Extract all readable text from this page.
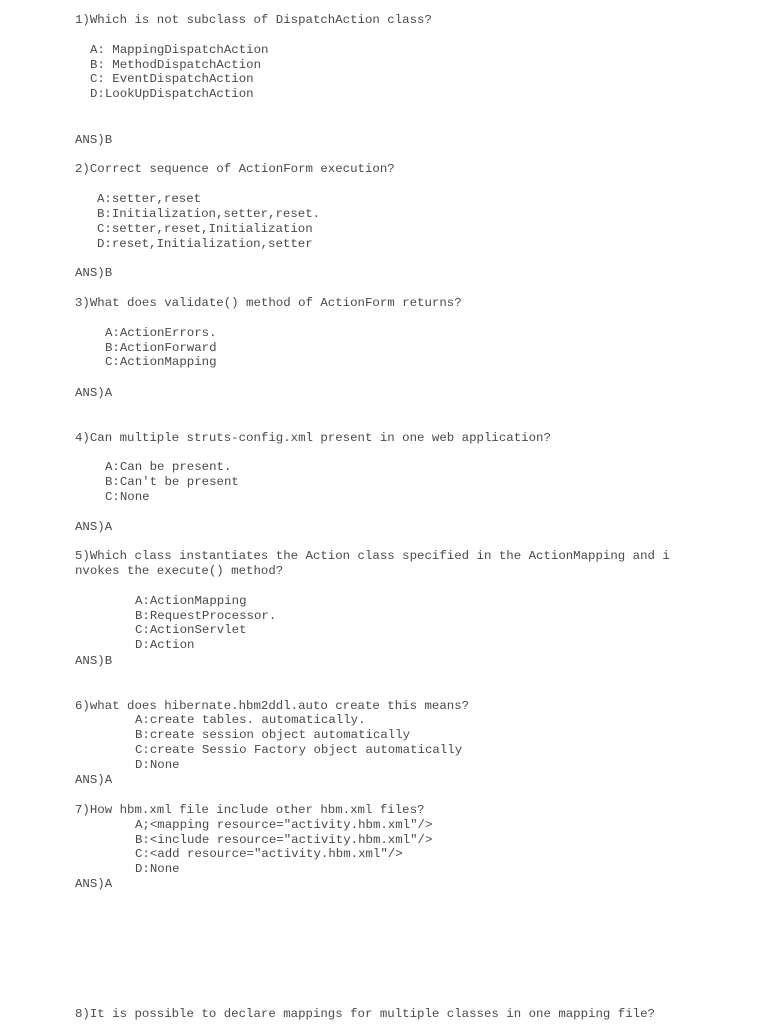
1)Which is not subclass of DispatchAction class?
A: MappingDispatchAction
B: MethodDispatchAction
C: EventDispatchAction
D:LookUpDispatchAction
ANS)B
2)Correct sequence of ActionForm execution?
A:setter,reset
B:Initialization,setter,reset.
C:setter,reset,Initialization
D:reset,Initialization,setter
ANS)B
3)What does validate() method of ActionForm returns?
A:ActionErrors.
B:ActionForward
C:ActionMapping
ANS)A
4)Can multiple struts-config.xml present in one web application?
A:Can be present.
B:Can't be present
C:None
ANS)A
5)Which class instantiates the Action class specified in the ActionMapping and i
nvokes the execute() method?
A:ActionMapping
B:RequestProcessor.
C:ActionServlet
D:Action
ANS)B
6)what does hibernate.hbm2ddl.auto create this means?
A:create tables. automatically.
B:create session object automatically
C:create Sessio Factory object automatically
D:None
ANS)A
7)How hbm.xml file include other hbm.xml files?
A;<mapping resource="activity.hbm.xml"/>
B:<include resource="activity.hbm.xml"/>
C:<add resource="activity.hbm.xml"/>
D:None
ANS)A
8)It is possible to declare mappings for multiple classes in one mapping file?
